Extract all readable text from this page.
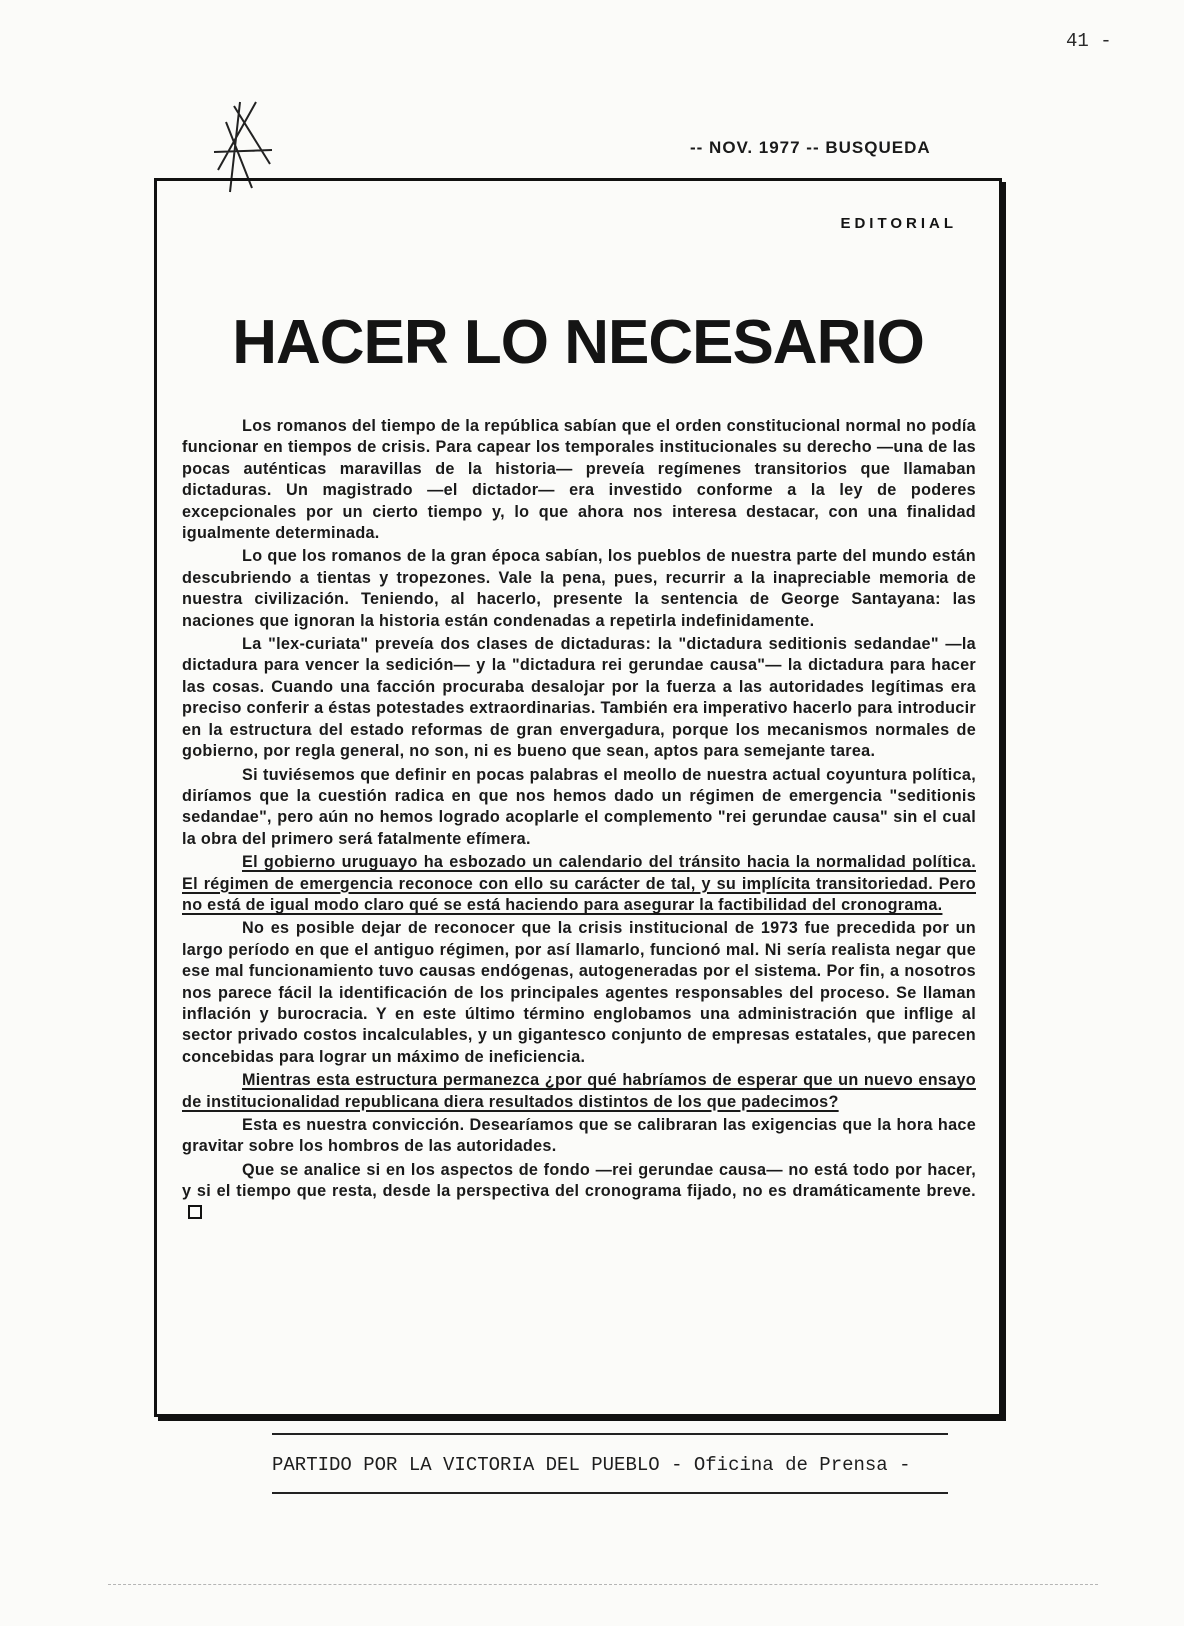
41 -
-- NOV. 1977 -- BUSQUEDA
EDITORIAL
HACER LO NECESARIO

Los romanos del tiempo de la república sabían que el orden constitucional normal no podía funcionar en tiempos de crisis. Para capear los temporales institucionales su derecho —una de las pocas auténticas maravillas de la historia— preveía regímenes transitorios que llamaban dictaduras. Un magistrado —el dictador— era investido conforme a la ley de poderes excepcionales por un cierto tiempo y, lo que ahora nos interesa destacar, con una finalidad igualmente determinada.

Lo que los romanos de la gran época sabían, los pueblos de nuestra parte del mundo están descubriendo a tientas y tropezones. Vale la pena, pues, recurrir a la inapreciable memoria de nuestra civilización. Teniendo, al hacerlo, presente la sentencia de George Santayana: las naciones que ignoran la historia están condenadas a repetirla indefinidamente.

La "lex-curiata" preveía dos clases de dictaduras: la "dictadura seditionis sedandae" —la dictadura para vencer la sedición— y la "dictadura rei gerundae causa"— la dictadura para hacer las cosas. Cuando una facción procuraba desalojar por la fuerza a las autoridades legítimas era preciso conferir a éstas potestades extraordinarias. También era imperativo hacerlo para introducir en la estructura del estado reformas de gran envergadura, porque los mecanismos normales de gobierno, por regla general, no son, ni es bueno que sean, aptos para semejante tarea.

Si tuviésemos que definir en pocas palabras el meollo de nuestra actual coyuntura política, diríamos que la cuestión radica en que nos hemos dado un régimen de emergencia "seditionis sedandae", pero aún no hemos logrado acoplarle el complemento "rei gerundae causa" sin el cual la obra del primero será fatalmente efímera.

El gobierno uruguayo ha esbozado un calendario del tránsito hacia la normalidad política. El régimen de emergencia reconoce con ello su carácter de tal, y su implícita transitoriedad. Pero no está de igual modo claro qué se está haciendo para asegurar la factibilidad del cronograma.

No es posible dejar de reconocer que la crisis institucional de 1973 fue precedida por un largo período en que el antiguo régimen, por así llamarlo, funcionó mal. Ni sería realista negar que ese mal funcionamiento tuvo causas endógenas, autogeneradas por el sistema. Por fin, a nosotros nos parece fácil la identificación de los principales agentes responsables del proceso. Se llaman inflación y burocracia. Y en este último término englobamos una administración que inflige al sector privado costos incalculables, y un gigantesco conjunto de empresas estatales, que parecen concebidas para lograr un máximo de ineficiencia.

Mientras esta estructura permanezca ¿por qué habríamos de esperar que un nuevo ensayo de institucionalidad republicana diera resultados distintos de los que padecimos?

Esta es nuestra convicción. Desearíamos que se calibraran las exigencias que la hora hace gravitar sobre los hombros de las autoridades.

Que se analice si en los aspectos de fondo —rei gerundae causa— no está todo por hacer, y si el tiempo que resta, desde la perspectiva del cronograma fijado, no es dramáticamente breve.

PARTIDO POR LA VICTORIA DEL PUEBLO - Oficina de Prensa -
